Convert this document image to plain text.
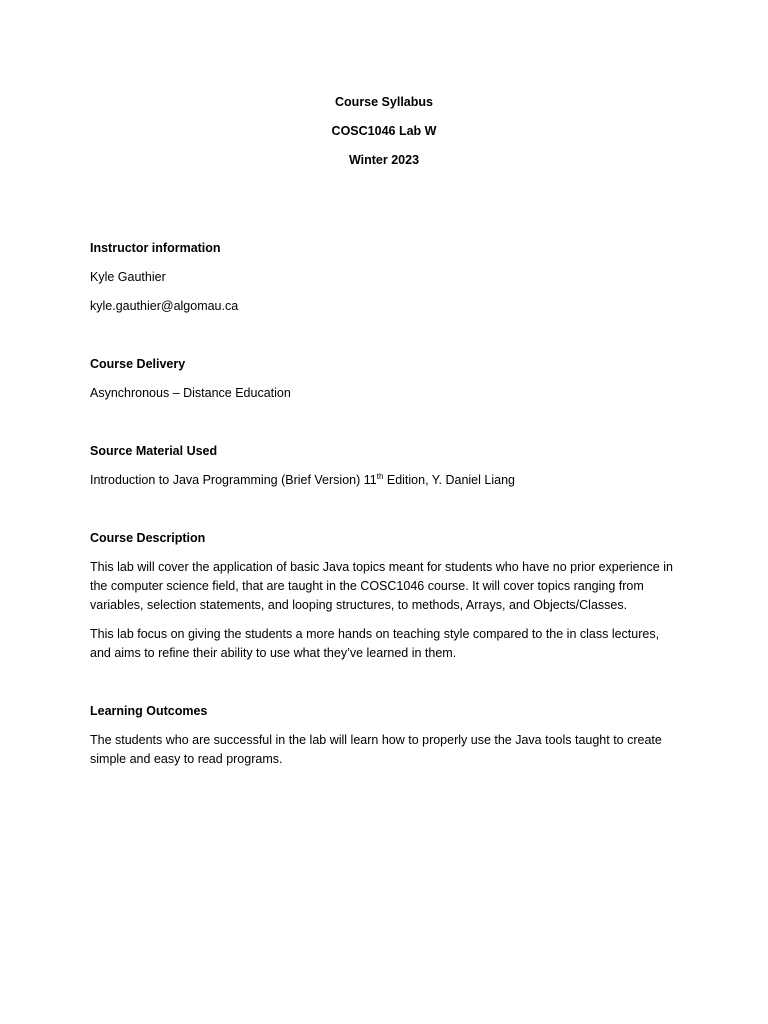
Course Syllabus

COSC1046 Lab W

Winter 2023

Instructor information

Kyle Gauthier

kyle.gauthier@algomau.ca

Course Delivery

Asynchronous – Distance Education

Source Material Used

Introduction to Java Programming (Brief Version) 11th Edition, Y. Daniel Liang

Course Description

This lab will cover the application of basic Java topics meant for students who have no prior experience in the computer science field, that are taught in the COSC1046 course. It will cover topics ranging from variables, selection statements, and looping structures, to methods, Arrays, and Objects/Classes.

This lab focus on giving the students a more hands on teaching style compared to the in class lectures, and aims to refine their ability to use what they’ve learned in them.

Learning Outcomes

The students who are successful in the lab will learn how to properly use the Java tools taught to create simple and easy to read programs.
